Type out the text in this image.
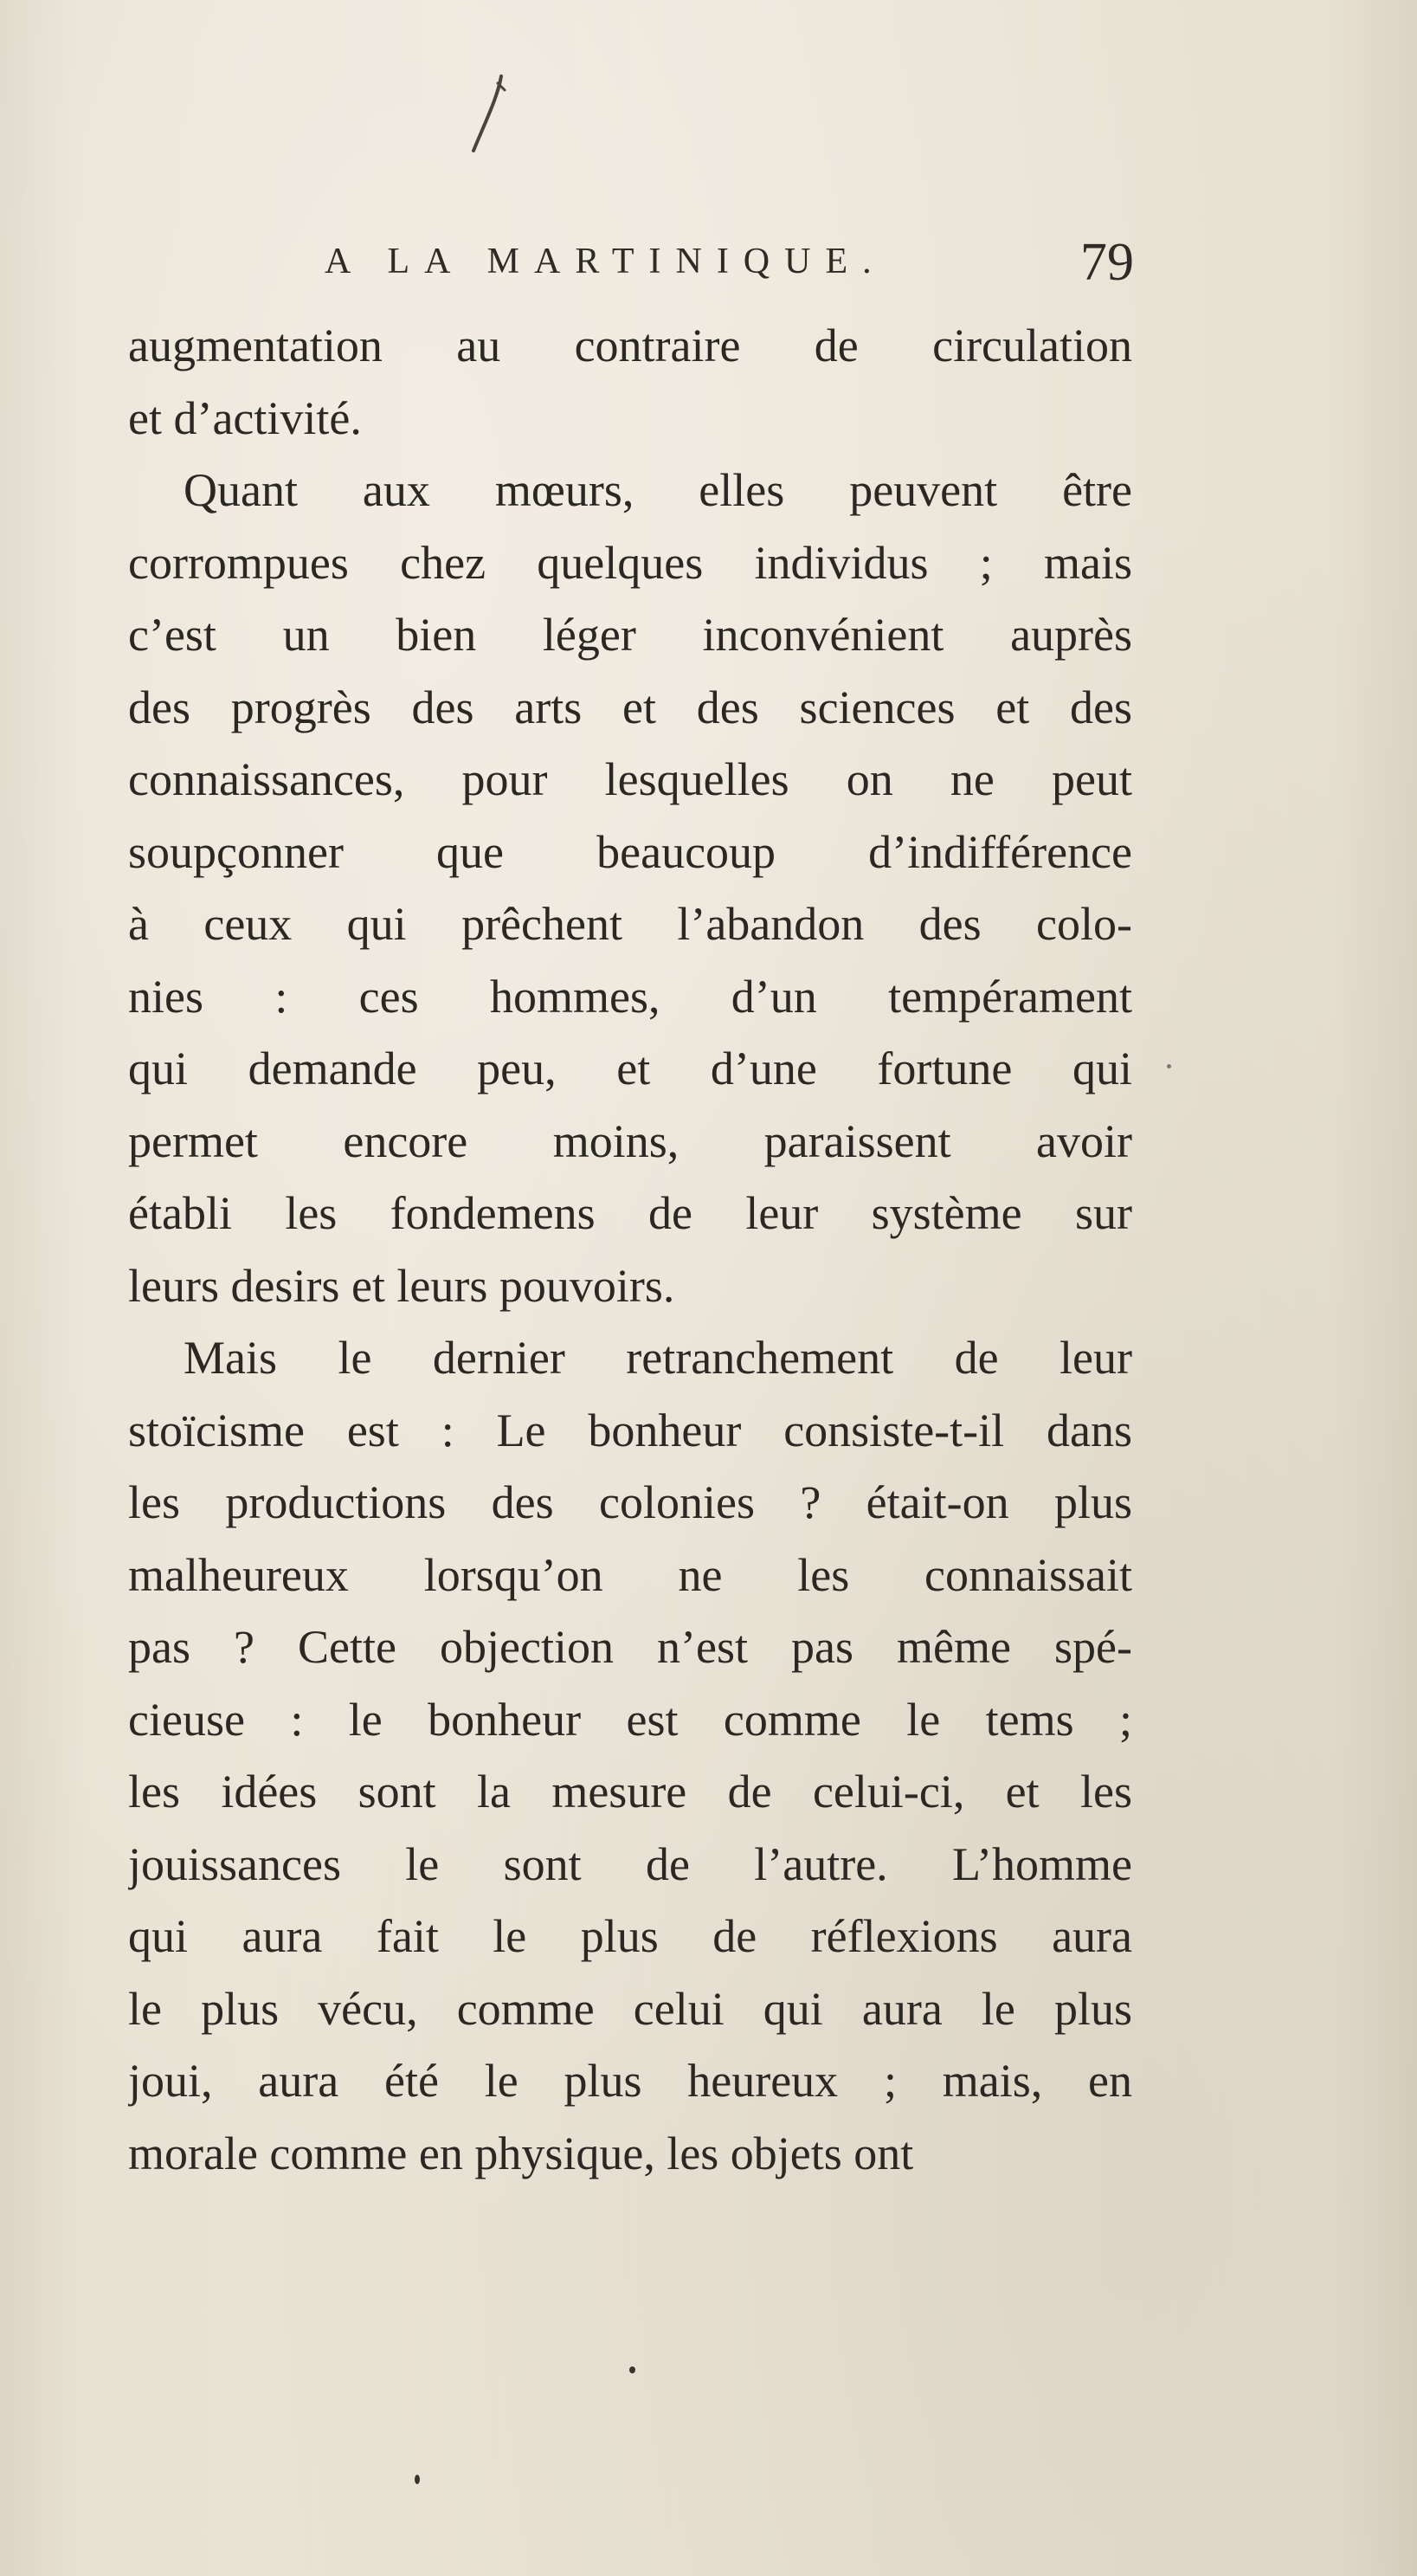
A LA MARTINIQUE.	79
augmentation au contraire de circulation
et d’activité.
Quant aux mœurs, elles peuvent être
corrompues chez quelques individus ; mais
c’est un bien léger inconvénient auprès
des progrès des arts et des sciences et des
connaissances, pour lesquelles on ne peut
soupçonner que beaucoup d’indifférence
à ceux qui prêchent l’abandon des colo-
nies : ces hommes, d’un tempérament
qui demande peu, et d’une fortune qui
permet encore moins, paraissent avoir
établi les fondemens de leur système sur
leurs desirs et leurs pouvoirs.
Mais le dernier retranchement de leur
stoïcisme est : Le bonheur consiste-t-il dans
les productions des colonies ? était-on plus
malheureux lorsqu’on ne les connaissait
pas ? Cette objection n’est pas même spé-
cieuse : le bonheur est comme le tems ;
les idées sont la mesure de celui-ci, et les
jouissances le sont de l’autre. L’homme
qui aura fait le plus de réflexions aura
le plus vécu, comme celui qui aura le plus
joui, aura été le plus heureux ; mais, en
morale comme en physique, les objets ont
